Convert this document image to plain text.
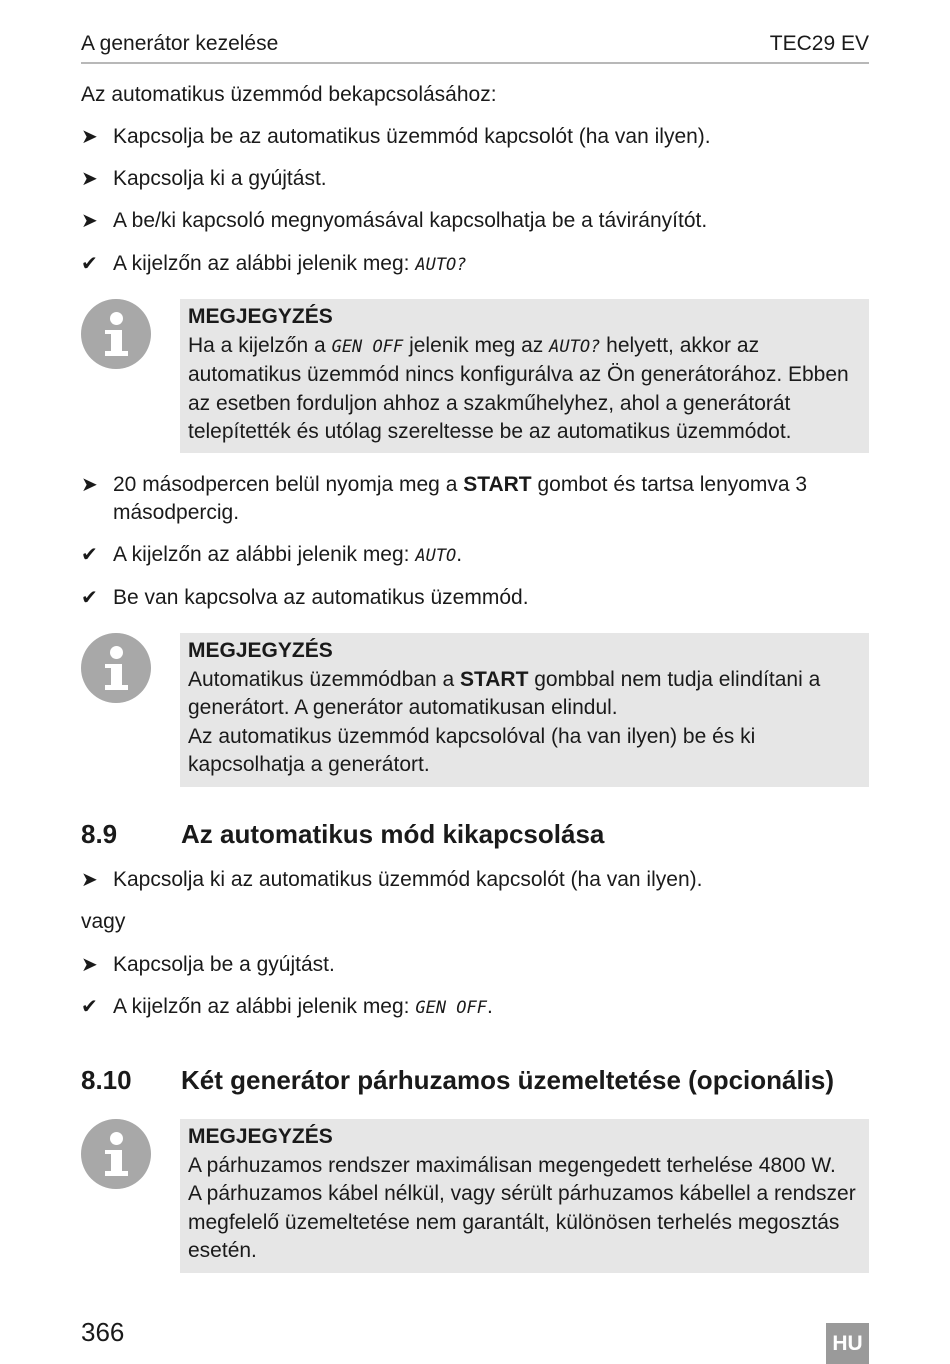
A generátor kezelése	TEC29 EV
Az automatikus üzemmód bekapcsolásához:
➤ Kapcsolja be az automatikus üzemmód kapcsolót (ha van ilyen).
➤ Kapcsolja ki a gyújtást.
➤ A be/ki kapcsoló megnyomásával kapcsolhatja be a távirányítót.
✔ A kijelzőn az alábbi jelenik meg: AUTO?
MEGJEGYZÉS
Ha a kijelzőn a GEN OFF jelenik meg az AUTO? helyett, akkor az automatikus üzemmód nincs konfigurálva az Ön generátorához. Ebben az esetben forduljon ahhoz a szakműhelyhez, ahol a generátorát telepítették és utólag szereltesse be az automatikus üzemmódot.
➤ 20 másodpercen belül nyomja meg a START gombot és tartsa lenyomva 3 másodpercig.
✔ A kijelzőn az alábbi jelenik meg: AUTO.
✔ Be van kapcsolva az automatikus üzemmód.
MEGJEGYZÉS
Automatikus üzemmódban a START gombbal nem tudja elindítani a generátort. A generátor automatikusan elindul.
Az automatikus üzemmód kapcsolóval (ha van ilyen) be és ki kapcsolhatja a generátort.
8.9 Az automatikus mód kikapcsolása
➤ Kapcsolja ki az automatikus üzemmód kapcsolót (ha van ilyen).
vagy
➤ Kapcsolja be a gyújtást.
✔ A kijelzőn az alábbi jelenik meg: GEN OFF.
8.10 Két generátor párhuzamos üzemeltetése (opcionális)
MEGJEGYZÉS
A párhuzamos rendszer maximálisan megengedett terhelése 4800 W.
A párhuzamos kábel nélkül, vagy sérült párhuzamos kábellel a rendszer megfelelő üzemeltetése nem garantált, különösen terhelés megosztás esetén.
366	HU
